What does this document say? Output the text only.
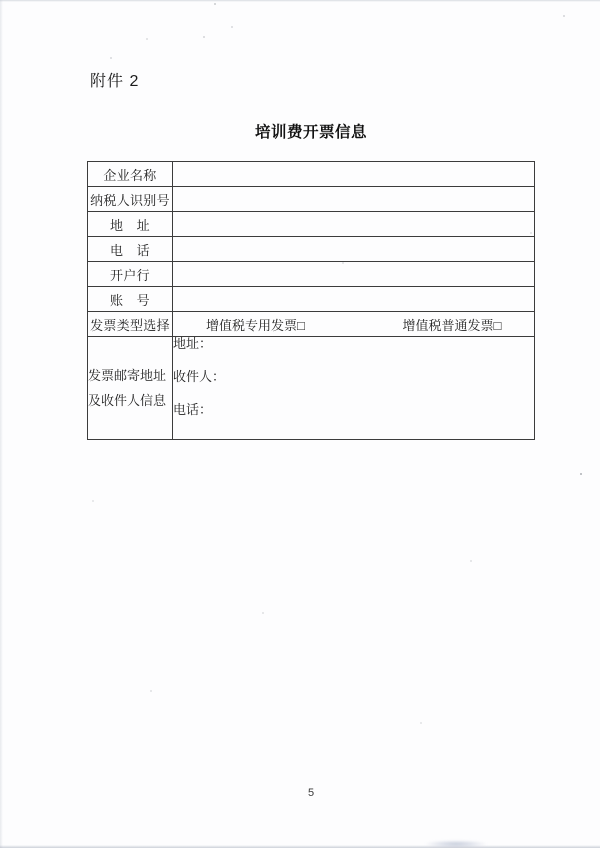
附件 2
培训费开票信息
企业名称	
纳税人识别号	
地　址	
电　话	
开户行	
账　号	
发票类型选择	增值税专用发票□ 增值税普通发票□

发票邮寄地址
及收件人信息

地址：
收件人：
电话：
5
